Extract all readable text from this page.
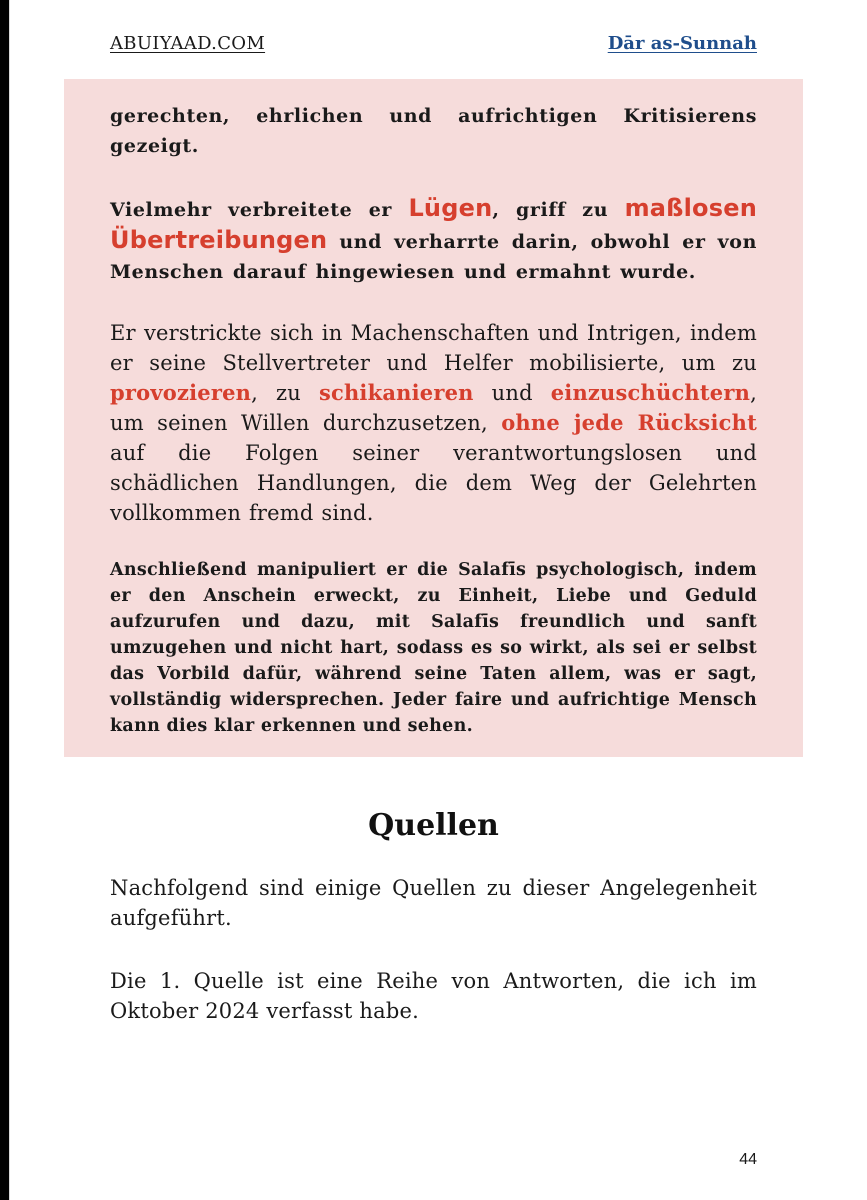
ABUIYAAD.COM	Dār as-Sunnah

gerechten, ehrlichen und aufrichtigen Kritisierens gezeigt.

Vielmehr verbreitete er Lügen, griff zu maßlosen Übertreibungen und verharrte darin, obwohl er von Menschen darauf hingewiesen und ermahnt wurde.

Er verstrickte sich in Machenschaften und Intrigen, indem er seine Stellvertreter und Helfer mobilisierte, um zu provozieren, zu schikanieren und einzuschüchtern, um seinen Willen durchzusetzen, ohne jede Rücksicht auf die Folgen seiner verantwortungslosen und schädlichen Handlungen, die dem Weg der Gelehrten vollkommen fremd sind.

Anschließend manipuliert er die Salafīs psychologisch, indem er den Anschein erweckt, zu Einheit, Liebe und Geduld aufzurufen und dazu, mit Salafīs freundlich und sanft umzugehen und nicht hart, sodass es so wirkt, als sei er selbst das Vorbild dafür, während seine Taten allem, was er sagt, vollständig widersprechen. Jeder faire und aufrichtige Mensch kann dies klar erkennen und sehen.

Quellen

Nachfolgend sind einige Quellen zu dieser Angelegenheit aufgeführt.

Die 1. Quelle ist eine Reihe von Antworten, die ich im Oktober 2024 verfasst habe.

44
